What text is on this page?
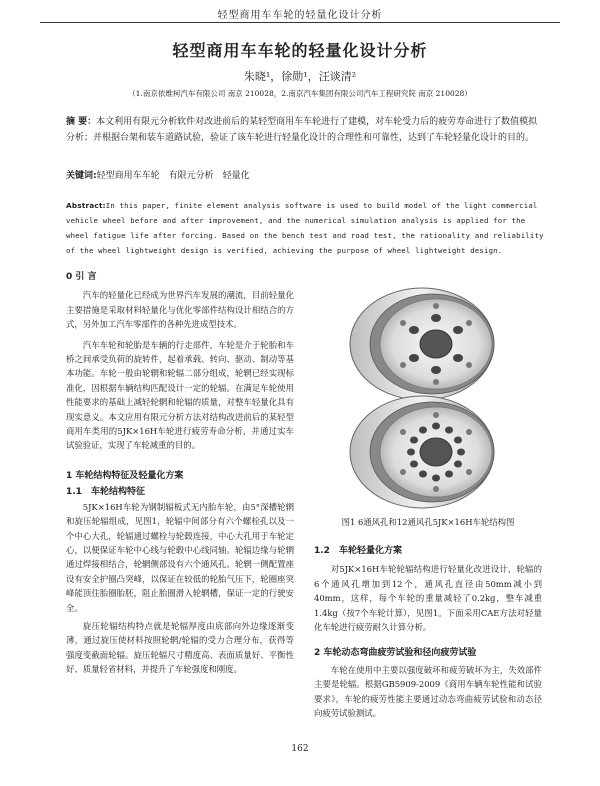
轻型商用车车轮的轻量化设计分析
轻型商用车车轮的轻量化设计分析
朱晓¹，徐勋¹，汪谈清²
（1.南京依维柯汽车有限公司 南京 210028，2.南京汽车集团有限公司汽车工程研究院 南京 210028）
摘 要：本文利用有限元分析软件对改进前后的某轻型商用车车轮进行了建模，对车轮受力后的疲劳寿命进行了数值模拟分析；并根据台架和装车道路试验，验证了该车轮进行轻量化设计的合理性和可靠性，达到了车轮轻量化设计的目的。
关键词:轻型商用车车轮　有限元分析　轻量化
Abstract:In this paper, finite element analysis software is used to build model of the light commercial vehicle wheel before and after improvement, and the numerical simulation analysis is applied for the wheel fatigue life after forcing. Based on the bench test and road test, the rationality and reliability of the wheel lightweight design is verified, achieving the purpose of wheel lightweight design.
0 引 言

汽车的轻量化已经成为世界汽车发展的潮流，目前轻量化主要措施是采取材料轻量化与优化零部件结构设计相结合的方式，另外加工汽车零部件的各种先进成型技术。

汽车车轮和轮胎是车辆的行走部件，车轮是介于轮胎和车桥之间承受负荷的旋转件，起着承载、转向、驱动、制动等基本功能。车轮一般由轮辋和轮辐二部分组成，轮辋已经实现标准化，因根据车辆结构匹配设计一定的轮辐。在满足车轮使用性能要求的基础上减轻轮辋和轮辐的质量，对整车轻量化具有现实意义。本文应用有限元分析方法对结构改进前后的某轻型商用车类用的5JK×16H车轮进行疲劳寿命分析，并通过实车试验验证，实现了车轮减重的目的。

1 车轮结构特征及轻量化方案
1.1　车轮结构特征

5JK×16H车轮为钢制辐板式无内胎车轮，由5°深槽轮辋和旋压轮辐组成，见图1，轮辐中间部分有六个螺栓孔以及一个中心大孔，轮辐通过螺栓与轮毂连接，中心大孔用于车轮定心，以便保证车轮中心线与轮毂中心线同轴。轮辐边缘与轮辋通过焊接相结合，轮辋侧部设有六个通风孔。轮辋一侧配置座设有安全护圈凸突峰，以保证在较低的轮胎气压下，轮圈座突峰能顶住胎圈胎胚，阻止胎圈滑入轮辋槽，保证一定的行驶安全。

旋压轮辐结构特点就是轮辐厚度由底部向外边缘逐渐变薄，通过旋压使材料按照轮辋/轮辐的受力合理分布，获得等强度变截面轮辐。旋压轮辐尺寸精度高、表面质量好、平衡性好、质量轻省材料，并提升了车轮强度和刚度。

图1 6通风孔和12通风孔5JK×16H车轮结构图
1.2　车轮轻量化方案

对5JK×16H车轮轮辐结构进行轻量化改进设计，轮辐的6个通风孔增加到12个，通风孔直径由50mm减小到40mm，这样，每个车轮的重量减轻了0.2kg，整车减重1.4kg（按7个车轮计算），见图1。下面采用CAE方法对轻量化车轮进行疲劳耐久计算分析。

2 车轮动态弯曲疲劳试验和径向疲劳试验

车轮在使用中主要以强度破坏和疲劳破坏为主，失效部件主要是轮辐。根据GB5909-2009《商用车辆车轮性能和试验要求》，车轮的疲劳性能主要通过动态弯曲疲劳试验和动态径向疲劳试验测试。

162
